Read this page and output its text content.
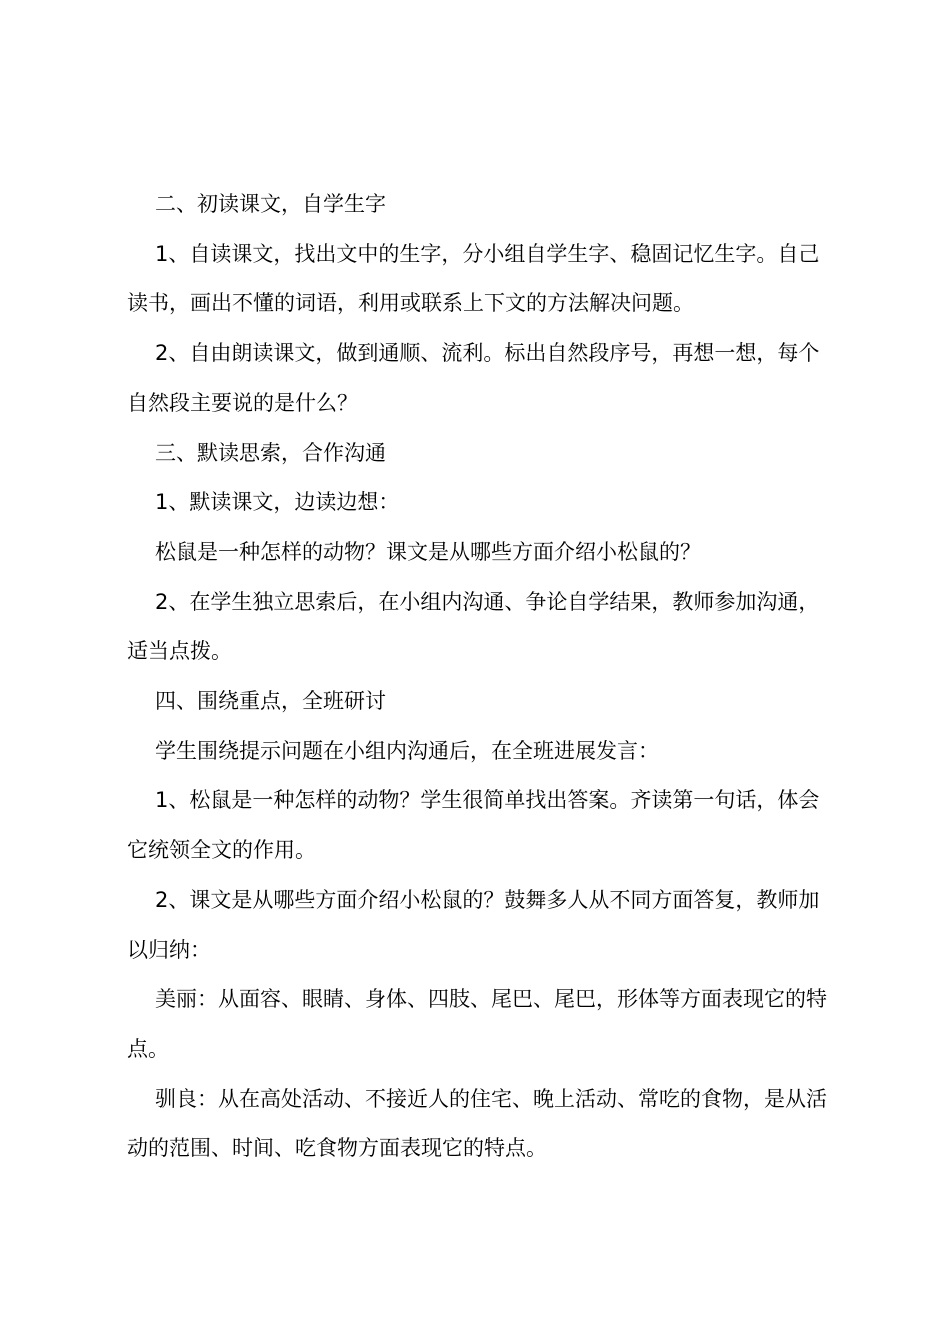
二、初读课文，自学生字

1、自读课文，找出文中的生字，分小组自学生字、稳固记忆生字。自己读书，画出不懂的词语，利用或联系上下文的方法解决问题。

2、自由朗读课文，做到通顺、流利。标出自然段序号，再想一想，每个自然段主要说的是什么？

三、默读思索，合作沟通

1、默读课文，边读边想：

松鼠是一种怎样的动物？课文是从哪些方面介绍小松鼠的？

2、在学生独立思索后，在小组内沟通、争论自学结果，教师参加沟通，适当点拨。

四、围绕重点，全班研讨

学生围绕提示问题在小组内沟通后，在全班进展发言：

1、松鼠是一种怎样的动物？学生很简单找出答案。齐读第一句话，体会它统领全文的作用。

2、课文是从哪些方面介绍小松鼠的？鼓舞多人从不同方面答复，教师加以归纳：

美丽：从面容、眼睛、身体、四肢、尾巴、尾巴，形体等方面表现它的特点。

驯良：从在高处活动、不接近人的住宅、晚上活动、常吃的食物，是从活动的范围、时间、吃食物方面表现它的特点。
